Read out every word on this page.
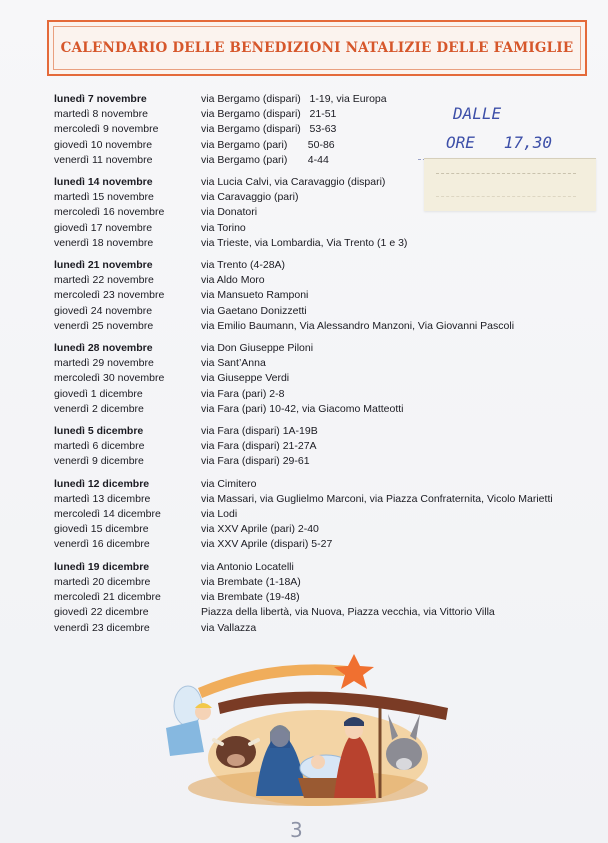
CALENDARIO DELLE BENEDIZIONI NATALIZIE DELLE FAMIGLIE
lunedì 7 novembre	via Bergamo (dispari)   1-19, via Europa
martedì 8 novembre	via Bergamo (dispari)   21-51
mercoledì 9 novembre	via Bergamo (dispari)   53-63
giovedì 10 novembre	via Bergamo (pari)       50-86
venerdì 11 novembre	via Bergamo (pari)       4-44
lunedì 14 novembre	via Lucia Calvi, via Caravaggio (dispari)
martedì 15 novembre	via Caravaggio (pari)
mercoledì 16 novembre	via Donatori
giovedì 17 novembre	via Torino
venerdì 18 novembre	via Trieste, via Lombardia, Via Trento (1 e 3)
lunedì 21 novembre	via Trento (4-28A)
martedì 22 novembre	via Aldo Moro
mercoledì 23 novembre	via Mansueto Ramponi
giovedì 24 novembre	via Gaetano Donizzetti
venerdì 25 novembre	via Emilio Baumann, Via Alessandro Manzoni, Via Giovanni Pascoli
lunedì 28 novembre	via Don Giuseppe Piloni
martedì 29 novembre	via Sant’Anna
mercoledì 30 novembre	via Giuseppe Verdi
giovedì 1 dicembre	via Fara (pari) 2-8
venerdì 2 dicembre	via Fara (pari) 10-42, via Giacomo Matteotti
lunedì 5 dicembre	via Fara (dispari) 1A-19B
martedì 6 dicembre	via Fara (dispari) 21-27A
venerdì 9 dicembre	via Fara (dispari) 29-61
lunedì 12 dicembre	via Cimitero
martedì 13 dicembre	via Massari, via Guglielmo Marconi, via Piazza Confraternita, Vicolo Marietti
mercoledì 14 dicembre	via Lodi
giovedì 15 dicembre	via XXV Aprile (pari) 2-40
venerdì 16 dicembre	via XXV Aprile (dispari) 5-27
lunedì 19 dicembre	via Antonio Locatelli
martedì 20 dicembre	via Brembate (1-18A)
mercoledì 21 dicembre	via Brembate (19-48)
giovedì 22 dicembre	Piazza della libertà, via Nuova, Piazza vecchia, via Vittorio Villa
venerdì 23 dicembre	via Vallazza
DALLE
ORE   17,30
3
